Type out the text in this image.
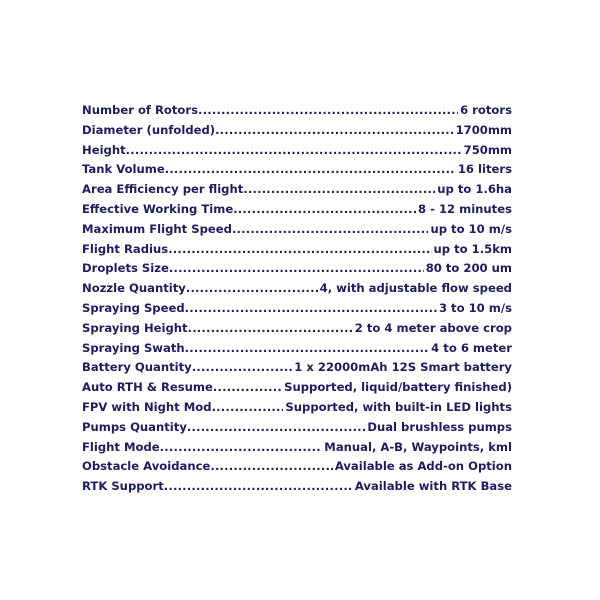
Number of Rotors .....	6 rotors
Diameter (unfolded) .....	1700mm
Height .....	750mm
Tank Volume .....	16 liters
Area Efficiency per flight .....	up to 1.6ha
Effective Working Time .....	8 - 12 minutes
Maximum Flight Speed .....	up to 10 m/s
Flight Radius .....	up to 1.5km
Droplets Size .....	80 to 200 um
Nozzle Quantity .....	4, with adjustable flow speed
Spraying Speed .....	3 to 10 m/s
Spraying Height .....	2 to 4 meter above crop
Spraying Swath .....	4 to 6 meter
Battery Quantity .....	1 x 22000mAh 12S Smart battery
Auto RTH & Resume .....	Supported, liquid/battery finished)
FPV with Night Mod .....	Supported, with built-in LED lights
Pumps Quantity .....	Dual brushless pumps
Flight Mode .....	Manual, A-B, Waypoints, kml
Obstacle Avoidance .....	Available as Add-on Option
RTK Support .....	Available with RTK Base
